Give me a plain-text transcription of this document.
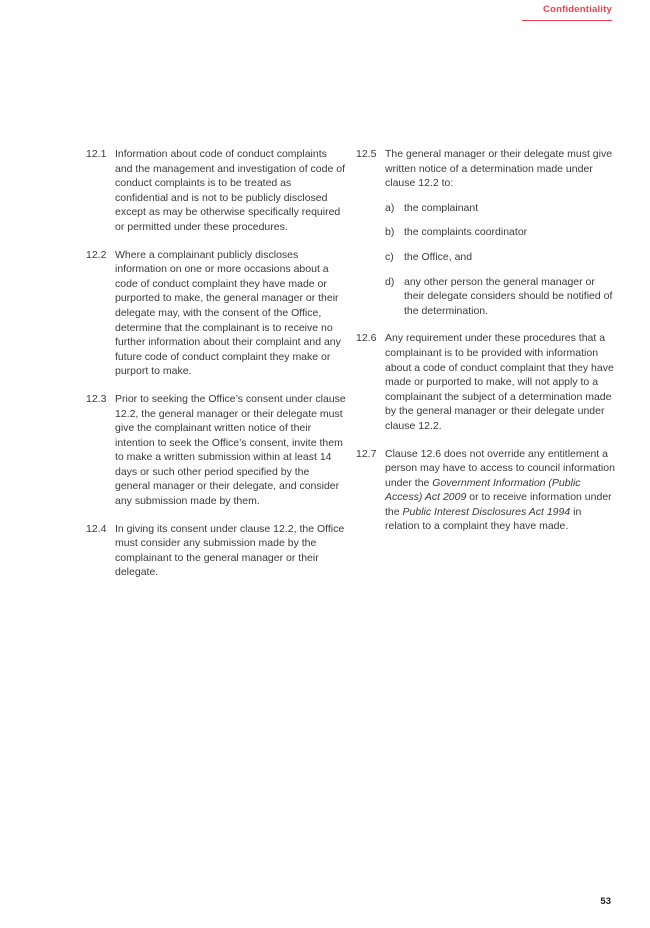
Confidentiality
12.1 Information about code of conduct complaints and the management and investigation of code of conduct complaints is to be treated as confidential and is not to be publicly disclosed except as may be otherwise specifically required or permitted under these procedures.
12.2 Where a complainant publicly discloses information on one or more occasions about a code of conduct complaint they have made or purported to make, the general manager or their delegate may, with the consent of the Office, determine that the complainant is to receive no further information about their complaint and any future code of conduct complaint they make or purport to make.
12.3 Prior to seeking the Office’s consent under clause 12.2, the general manager or their delegate must give the complainant written notice of their intention to seek the Office’s consent, invite them to make a written submission within at least 14 days or such other period specified by the general manager or their delegate, and consider any submission made by them.
12.4 In giving its consent under clause 12.2, the Office must consider any submission made by the complainant to the general manager or their delegate.
12.5 The general manager or their delegate must give written notice of a determination made under clause 12.2 to:
a) the complainant
b) the complaints coordinator
c) the Office, and
d) any other person the general manager or their delegate considers should be notified of the determination.
12.6 Any requirement under these procedures that a complainant is to be provided with information about a code of conduct complaint that they have made or purported to make, will not apply to a complainant the subject of a determination made by the general manager or their delegate under clause 12.2.
12.7 Clause 12.6 does not override any entitlement a person may have to access to council information under the Government Information (Public Access) Act 2009 or to receive information under the Public Interest Disclosures Act 1994 in relation to a complaint they have made.
53
